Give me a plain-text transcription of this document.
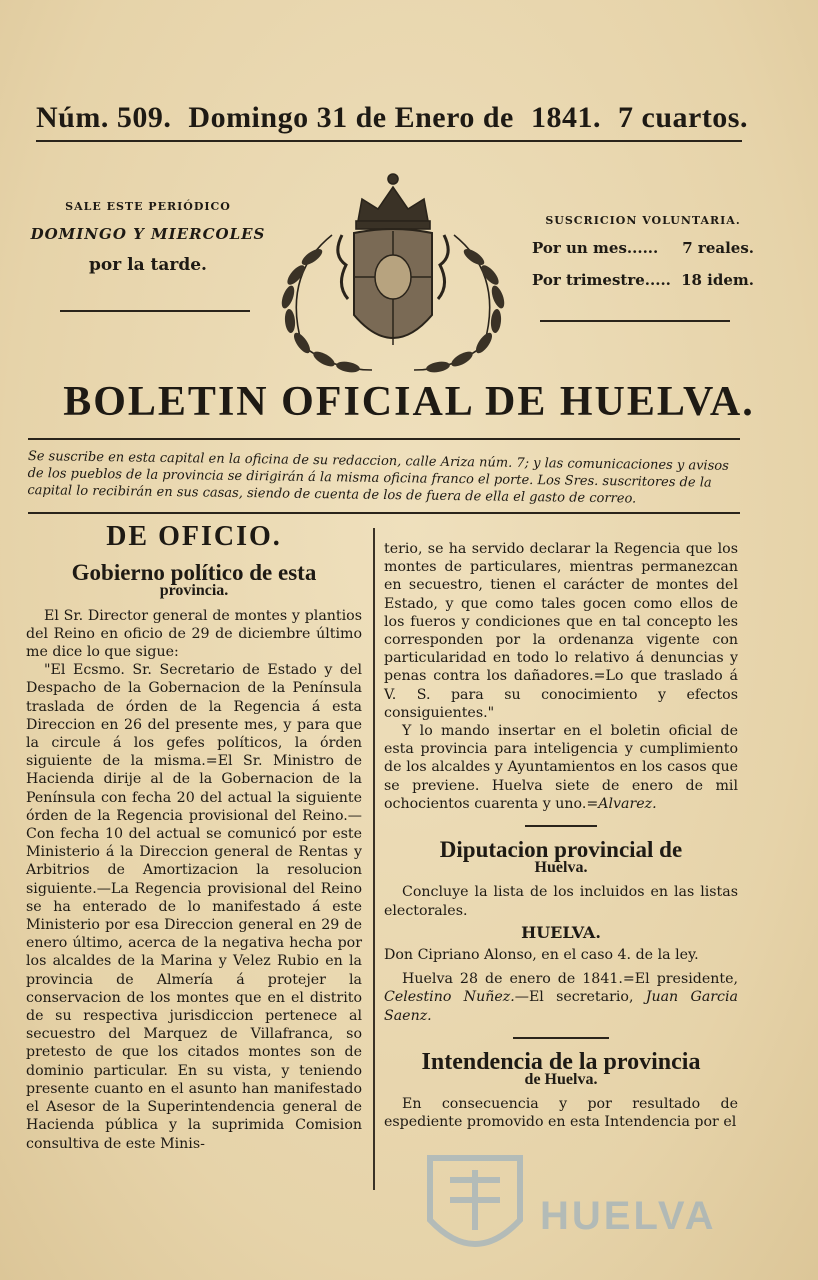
Núm. 509. Domingo 31 de Enero de 1841. 7 cuartos.
SALE ESTE PERIÓDICO
DOMINGO Y MIERCOLES
por la tarde.
SUSCRICION VOLUNTARIA.
Por un mes...... 7 reales.
Por trimestre..... 18 idem.
BOLETIN OFICIAL DE HUELVA.
Se suscribe en esta capital en la oficina de su redaccion, calle Ariza núm. 7; y las comunicaciones y avisos de los pueblos de la provincia se dirigirán á la misma oficina franco el porte. Los Sres. suscritores de la capital lo recibirán en sus casas, siendo de cuenta de los de fuera de ella el gasto de correo.
DE OFICIO.
Gobierno político de esta
provincia.

El Sr. Director general de montes y plantios del Reino en oficio de 29 de diciembre último me dice lo que sigue:

"El Ecsmo. Sr. Secretario de Estado y del Despacho de la Gobernacion de la Península traslada de órden de la Regencia á esta Direccion en 26 del presente mes, y para que la circule á los gefes políticos, la órden siguiente de la misma.=El Sr. Ministro de Hacienda dirije al de la Gobernacion de la Península con fecha 20 del actual la siguiente órden de la Regencia provisional del Reino.—Con fecha 10 del actual se comunicó por este Ministerio á la Direccion general de Rentas y Arbitrios de Amortizacion la resolucion siguiente.—La Regencia provisional del Reino se ha enterado de lo manifestado á este Ministerio por esa Direccion general en 29 de enero último, acerca de la negativa hecha por los alcaldes de la Marina y Velez Rubio en la provincia de Almería á protejer la conservacion de los montes que en el distrito de su respectiva jurisdiccion pertenece al secuestro del Marquez de Villafranca, so pretesto de que los citados montes son de dominio particular. En su vista, y teniendo presente cuanto en el asunto han manifestado el Asesor de la Superintendencia general de Hacienda pública y la suprimida Comision consultiva de este Minis-

terio, se ha servido declarar la Regencia que los montes de particulares, mientras permanezcan en secuestro, tienen el carácter de montes del Estado, y que como tales gocen como ellos de los fueros y condiciones que en tal concepto les corresponden por la ordenanza vigente con particularidad en todo lo relativo á denuncias y penas contra los dañadores.=Lo que traslado á V. S. para su conocimiento y efectos consiguientes."

Y lo mando insertar en el boletin oficial de esta provincia para inteligencia y cumplimiento de los alcaldes y Ayuntamientos en los casos que se previene. Huelva siete de enero de mil ochocientos cuarenta y uno.=Alvarez.

Diputacion provincial de
Huelva.

Concluye la lista de los incluidos en las listas electorales.

HUELVA.

Don Cipriano Alonso, en el caso 4. de la ley.

Huelva 28 de enero de 1841.=El presidente, Celestino Nuñez.—El secretario, Juan Garcia Saenz.

Intendencia de la provincia
de Huelva.

En consecuencia y por resultado de espediente promovido en esta Intendencia por el

HUELVA
